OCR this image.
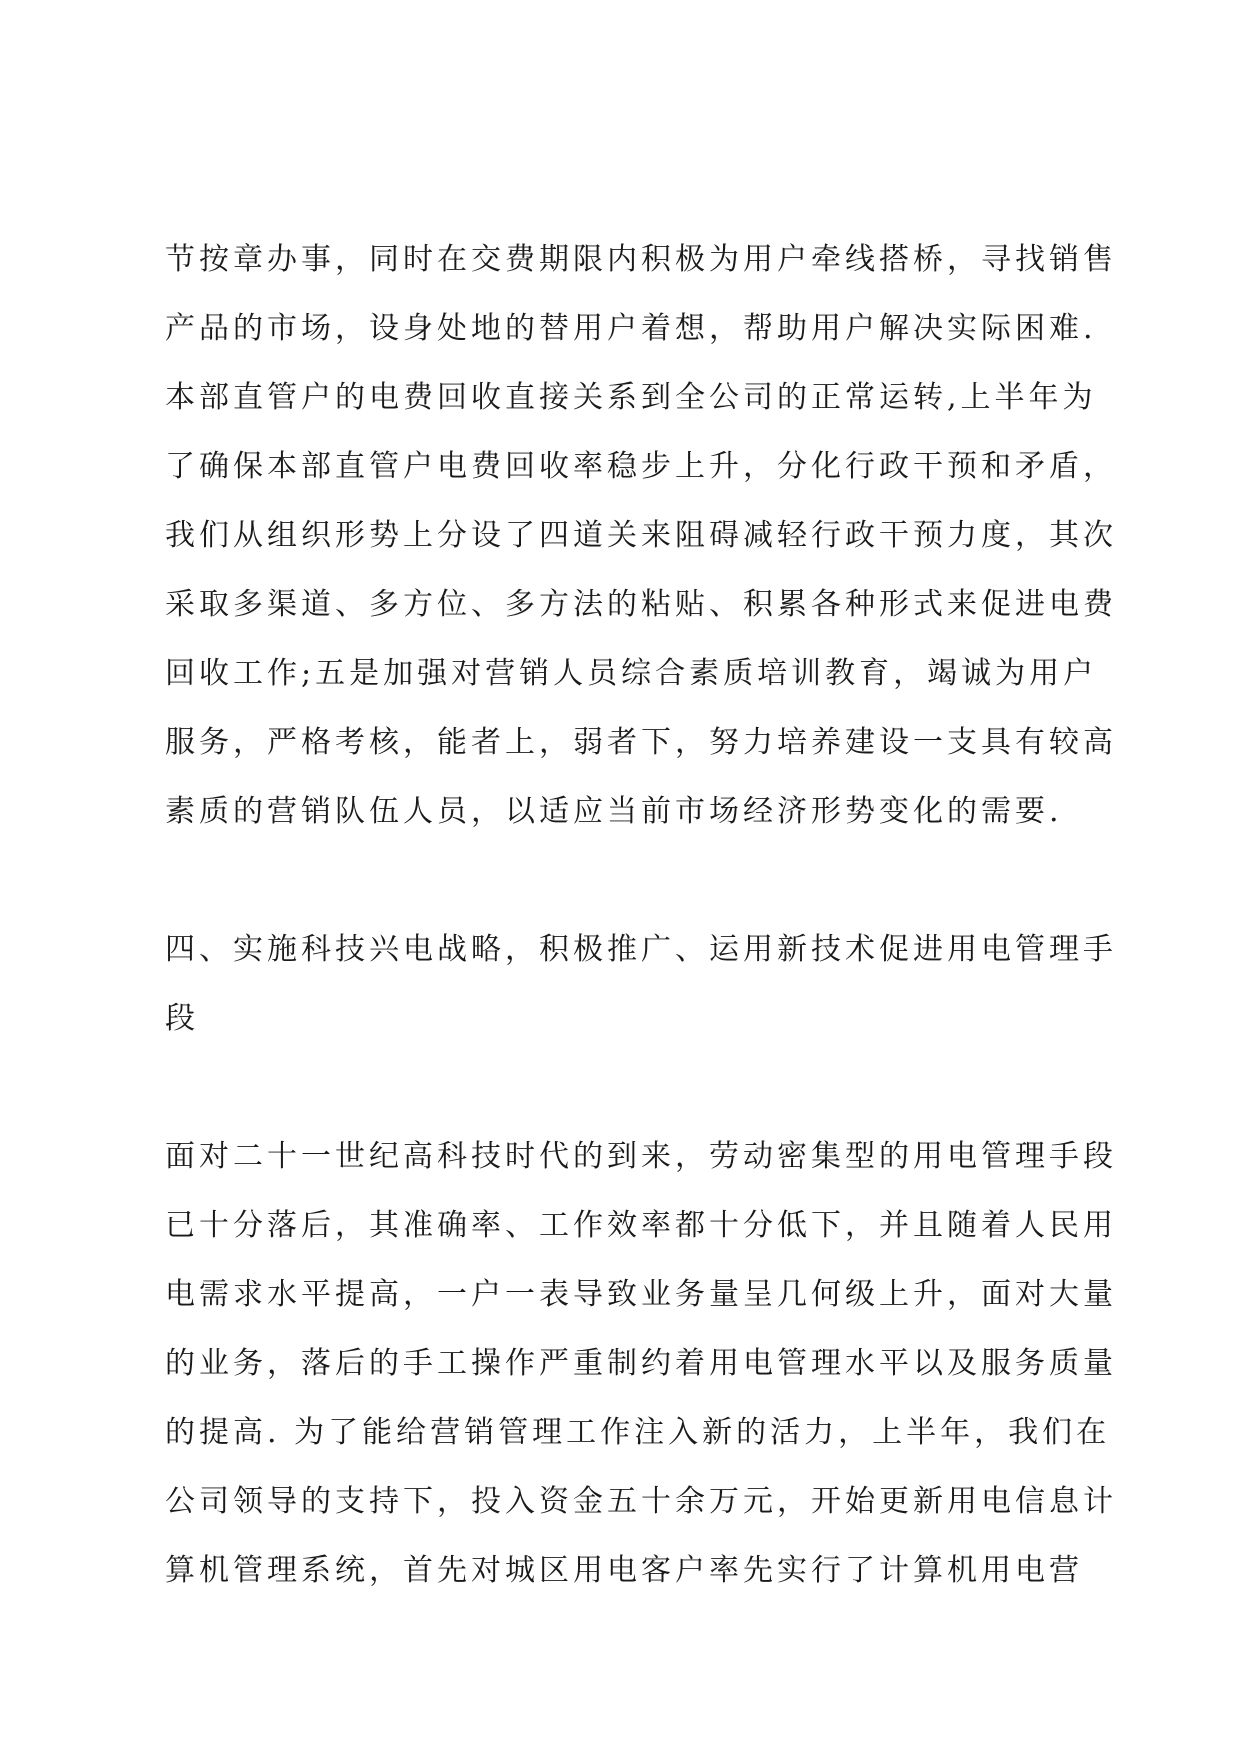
节按章办事，同时在交费期限内积极为用户牵线搭桥，寻找销售
产品的市场，设身处地的替用户着想，帮助用户解决实际困难.
本部直管户的电费回收直接关系到全公司的正常运转,上半年为
了确保本部直管户电费回收率稳步上升，分化行政干预和矛盾，
我们从组织形势上分设了四道关来阻碍减轻行政干预力度，其次
采取多渠道、多方位、多方法的粘贴、积累各种形式来促进电费
回收工作;五是加强对营销人员综合素质培训教育，竭诚为用户
服务，严格考核，能者上，弱者下，努力培养建设一支具有较高
素质的营销队伍人员，以适应当前市场经济形势变化的需要.
四、实施科技兴电战略，积极推广、运用新技术促进用电管理手
段
面对二十一世纪高科技时代的到来，劳动密集型的用电管理手段
已十分落后，其准确率、工作效率都十分低下，并且随着人民用
电需求水平提高，一户一表导致业务量呈几何级上升，面对大量
的业务，落后的手工操作严重制约着用电管理水平以及服务质量
的提高. 为了能给营销管理工作注入新的活力，上半年，我们在
公司领导的支持下，投入资金五十余万元，开始更新用电信息计
算机管理系统，首先对城区用电客户率先实行了计算机用电营
